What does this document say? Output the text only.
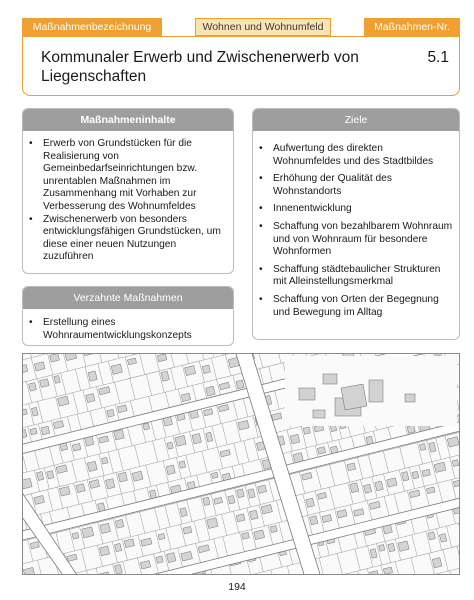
Maßnahmenbezeichnung	Wohnen und Wohnumfeld	Maßnahmen-Nr.
Kommunaler Erwerb und Zwischenerwerb von Liegenschaften
5.1
Maßnahmeninhalte
• Erwerb von Grundstücken für die Realisierung von Gemeinbedarfseinrichtungen bzw. unrentablen Maßnahmen im Zusammenhang mit Vorhaben zur Verbesserung des Wohnumfeldes
• Zwischenerwerb von besonders entwicklungsfähigen Grundstücken, um diese einer neuen Nutzungen zuzuführen
Ziele
• Aufwertung des direkten Wohnumfeldes und des Stadtbildes
• Erhöhung der Qualität des Wohnstandorts
• Innenentwicklung
• Schaffung von bezahlbarem Wohnraum und von Wohnraum für besondere Wohnformen
• Schaffung städtebaulicher Strukturen mit Alleinstellungsmerkmal
• Schaffung von Orten der Begegnung und Bewegung im Alltag
Verzahnte Maßnahmen
• Erstellung eines Wohnraumentwicklungskonzepts
194
